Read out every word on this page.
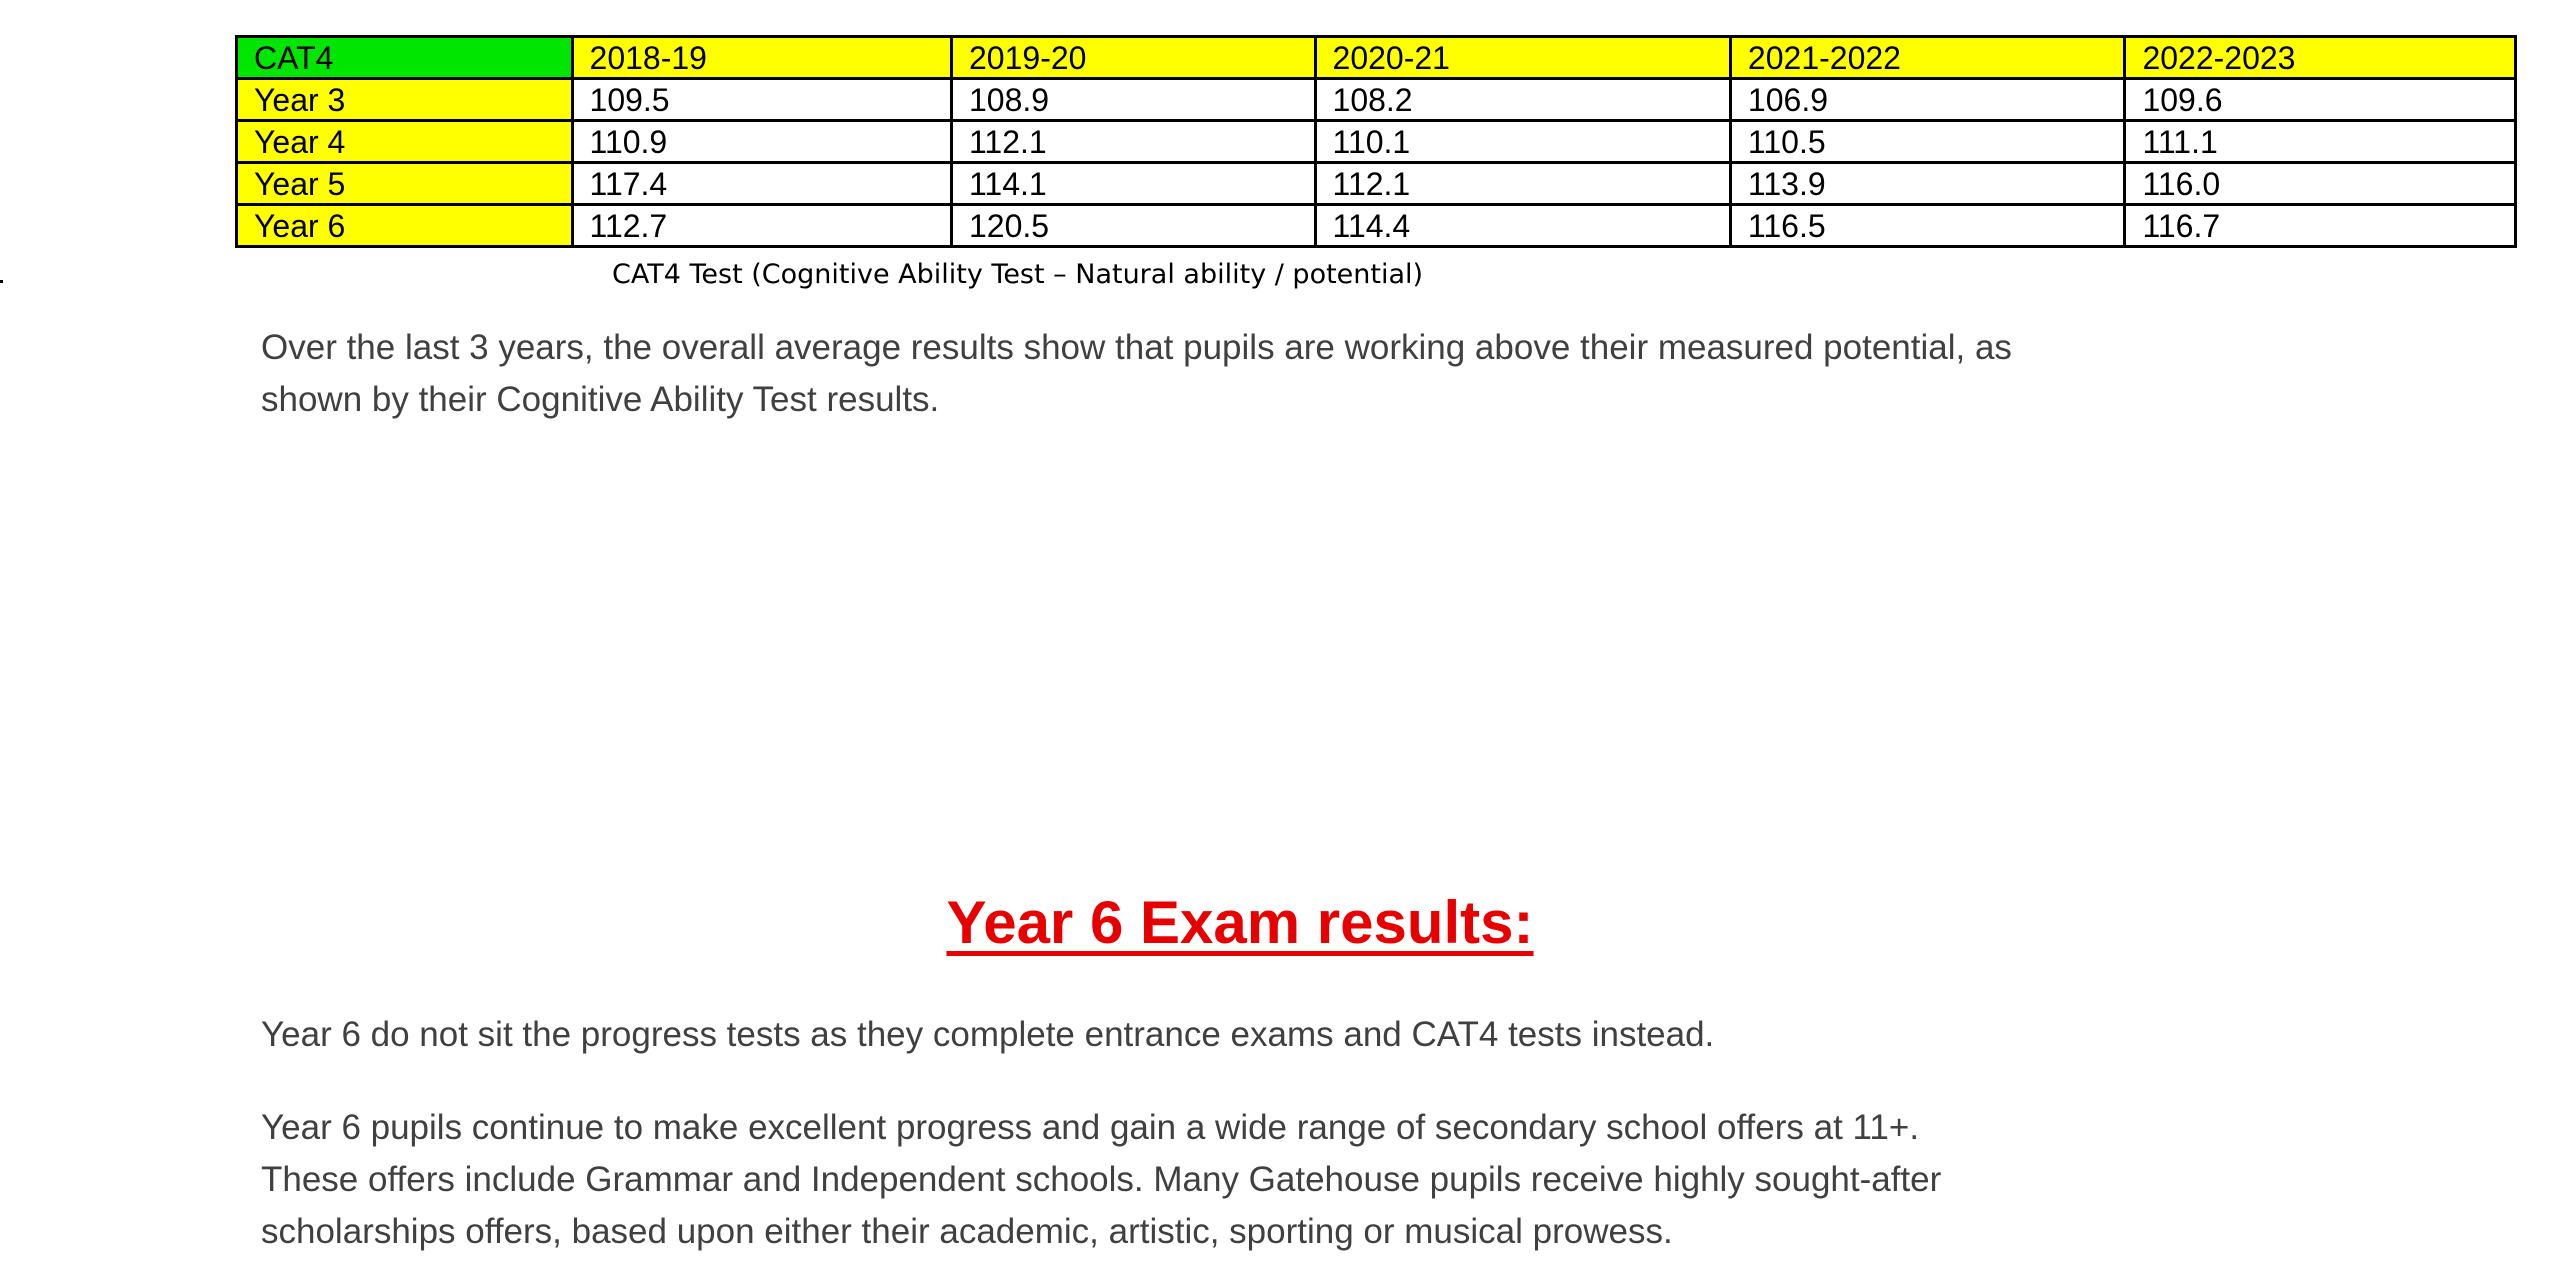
CAT4	2018-19	2019-20	2020-21	2021-2022	2022-2023
Year 3	109.5	108.9	108.2	106.9	109.6
Year 4	110.9	112.1	110.1	110.5	111.1
Year 5	117.4	114.1	112.1	113.9	116.0
Year 6	112.7	120.5	114.4	116.5	116.7
CAT4 Test (Cognitive Ability Test – Natural ability / potential)

Over the last 3 years, the overall average results show that pupils are working above their measured potential, as
shown by their Cognitive Ability Test results.

Year 6 Exam results:

Year 6 do not sit the progress tests as they complete entrance exams and CAT4 tests instead.

Year 6 pupils continue to make excellent progress and gain a wide range of secondary school offers at 11+.
These offers include Grammar and Independent schools. Many Gatehouse pupils receive highly sought-after
scholarships offers, based upon either their academic, artistic, sporting or musical prowess.
